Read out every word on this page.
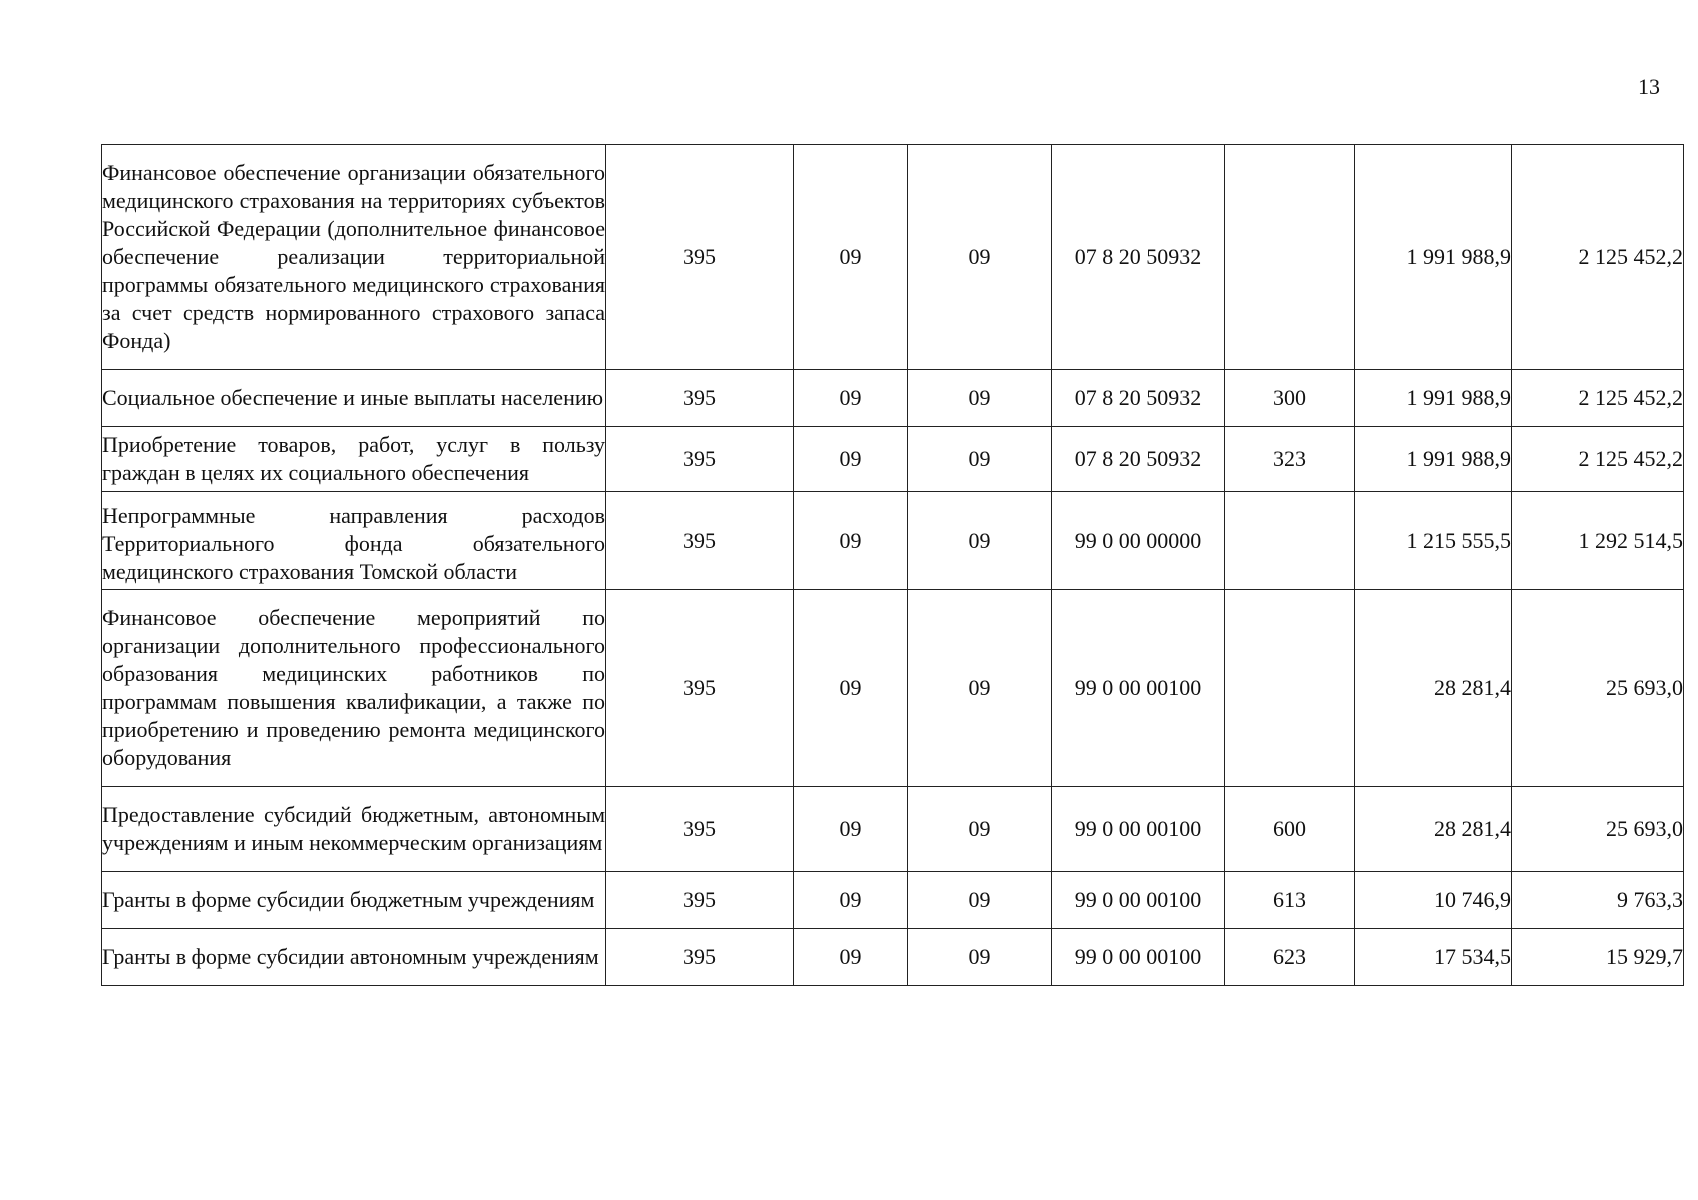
13
Финансовое обеспечение организации обязательного медицинского страхования на территориях субъектов Российской Федерации (дополнительное финансовое обеспечение реализации территориальной программы обязательного медицинского страхования за счет средств нормированного страхового запаса Фонда)	395	09	09	07 8 20 50932		1 991 988,9	2 125 452,2
Социальное обеспечение и иные выплаты населению	395	09	09	07 8 20 50932	300	1 991 988,9	2 125 452,2
Приобретение товаров, работ, услуг в пользу граждан в целях их социального обеспечения	395	09	09	07 8 20 50932	323	1 991 988,9	2 125 452,2
Непрограммные направления расходов Территориального фонда обязательного медицинского страхования Томской области	395	09	09	99 0 00 00000		1 215 555,5	1 292 514,5
Финансовое обеспечение мероприятий по организации дополнительного профессионального образования медицинских работников по программам повышения квалификации, а также по приобретению и проведению ремонта медицинского оборудования	395	09	09	99 0 00 00100		28 281,4	25 693,0
Предоставление субсидий бюджетным, автономным учреждениям и иным некоммерческим организациям	395	09	09	99 0 00 00100	600	28 281,4	25 693,0
Гранты в форме субсидии бюджетным учреждениям	395	09	09	99 0 00 00100	613	10 746,9	9 763,3
Гранты в форме субсидии автономным учреждениям	395	09	09	99 0 00 00100	623	17 534,5	15 929,7
